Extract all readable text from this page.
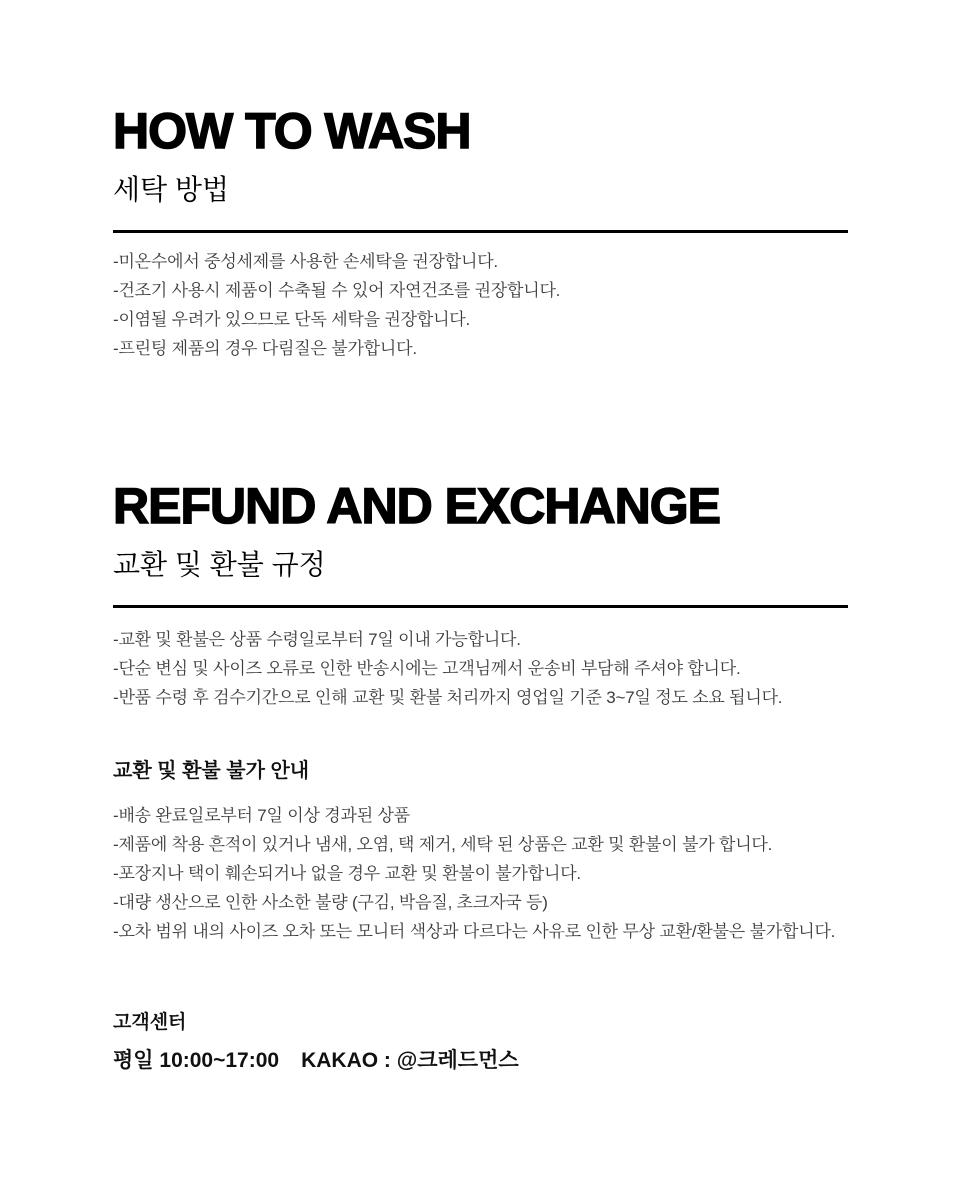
HOW TO WASH

세탁 방법

-미온수에서 중성세제를 사용한 손세탁을 권장합니다.
-건조기 사용시 제품이 수축될 수 있어 자연건조를 권장합니다.
-이염될 우려가 있으므로 단독 세탁을 권장합니다.
-프린팅 제품의 경우 다림질은 불가합니다.
REFUND AND EXCHANGE

교환 및 환불 규정

-교환 및 환불은 상품 수령일로부터 7일 이내 가능합니다.
-단순 변심 및 사이즈 오류로 인한 반송시에는 고객님께서 운송비 부담해 주셔야 합니다.
-반품 수령 후 검수기간으로 인해 교환 및 환불 처리까지 영업일 기준 3~7일 정도 소요 됩니다.
교환 및 환불 불가 안내
-배송 완료일로부터 7일 이상 경과된 상품
-제품에 착용 흔적이 있거나 냄새, 오염, 택 제거, 세탁 된 상품은 교환 및 환불이 불가 합니다.
-포장지나 택이 훼손되거나 없을 경우 교환 및 환불이 불가합니다.
-대량 생산으로 인한 사소한 불량 (구김, 박음질, 초크자국 등)
-오차 범위 내의 사이즈 오차 또는 모니터 색상과 다르다는 사유로 인한 무상 교환/환불은 불가합니다.

고객센터

평일 10:00~17:00 KAKAO : @크레드먼스
